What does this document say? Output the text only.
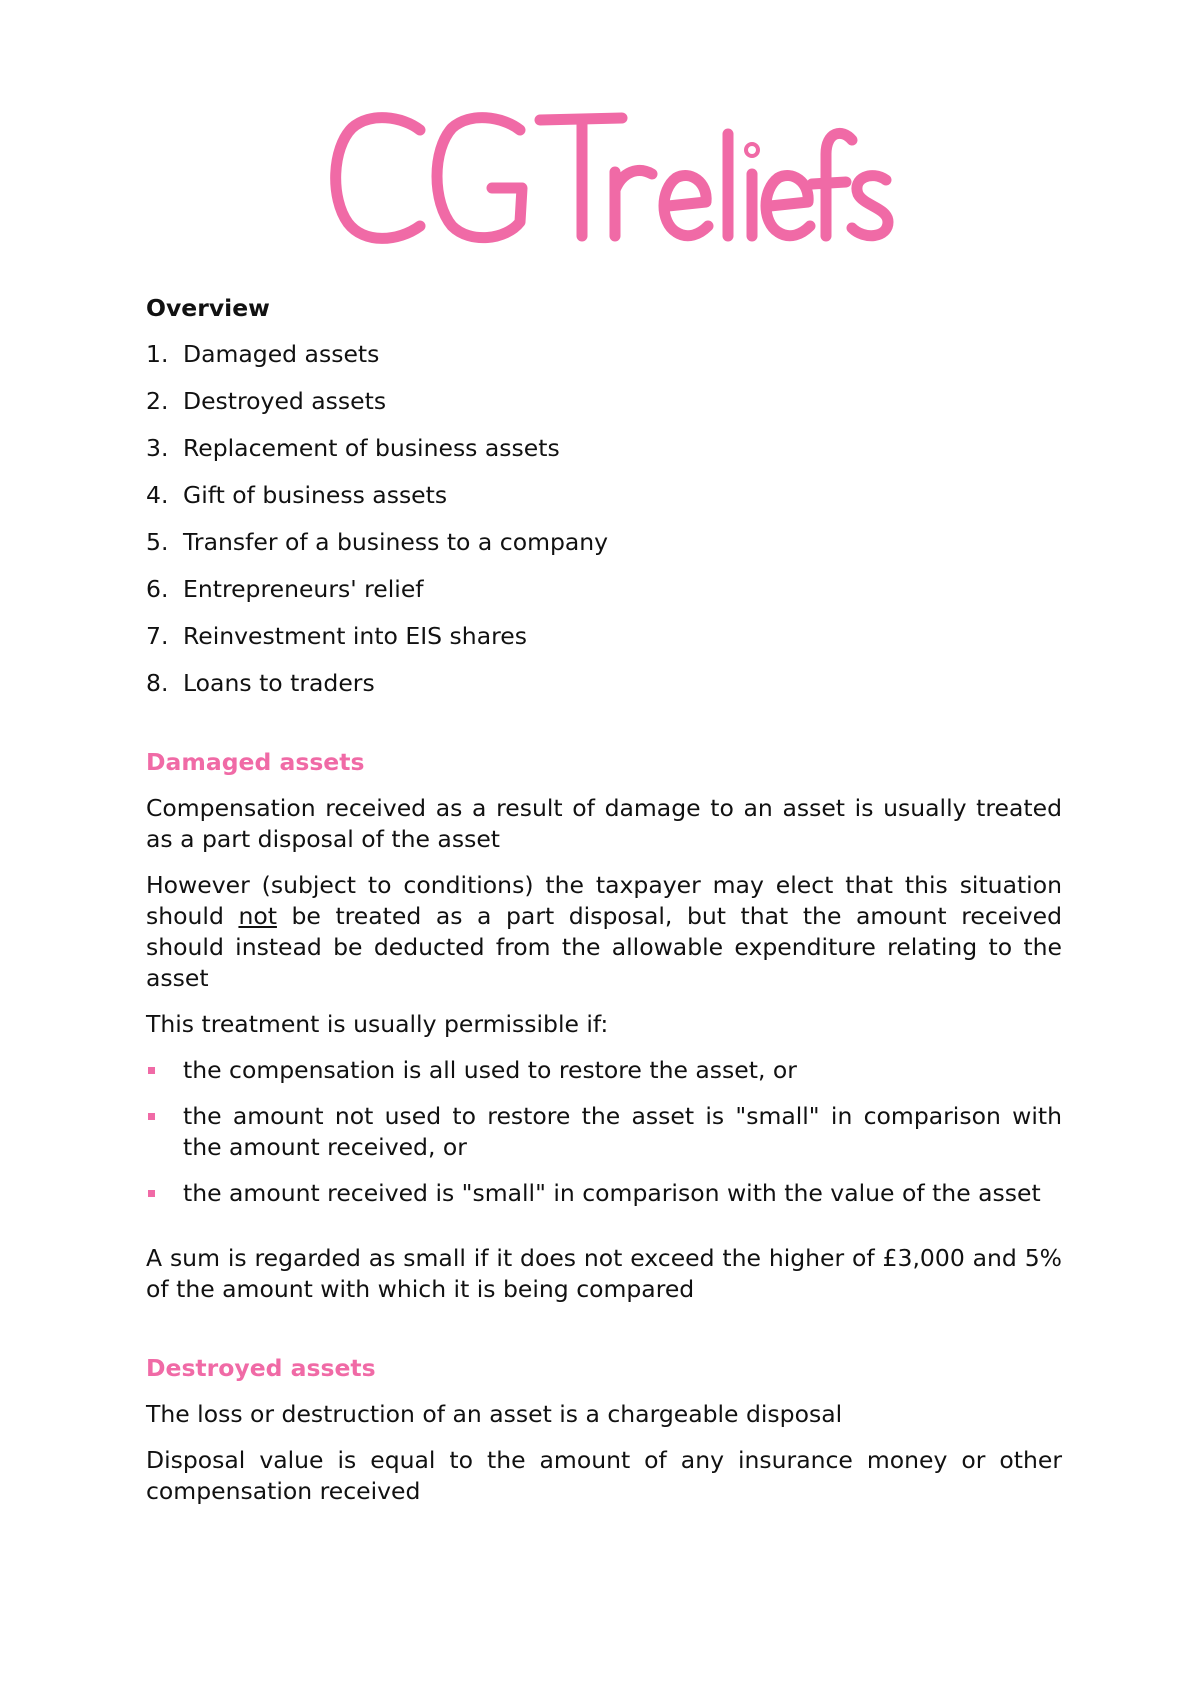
Overview
1. Damaged assets
2. Destroyed assets
3. Replacement of business assets
4. Gift of business assets
5. Transfer of a business to a company
6. Entrepreneurs' relief
7. Reinvestment into EIS shares
8. Loans to traders
Damaged assets

Compensation received as a result of damage to an asset is usually treated as a part disposal of the asset

However (subject to conditions) the taxpayer may elect that this situation should not be treated as a part disposal, but that the amount received should instead be deducted from the allowable expenditure relating to the asset

This treatment is usually permissible if:

the compensation is all used to restore the asset, or
the amount not used to restore the asset is "small" in comparison with the amount received, or
the amount received is "small" in comparison with the value of the asset

A sum is regarded as small if it does not exceed the higher of £3,000 and 5% of the amount with which it is being compared

Destroyed assets

The loss or destruction of an asset is a chargeable disposal

Disposal value is equal to the amount of any insurance money or other compensation received
